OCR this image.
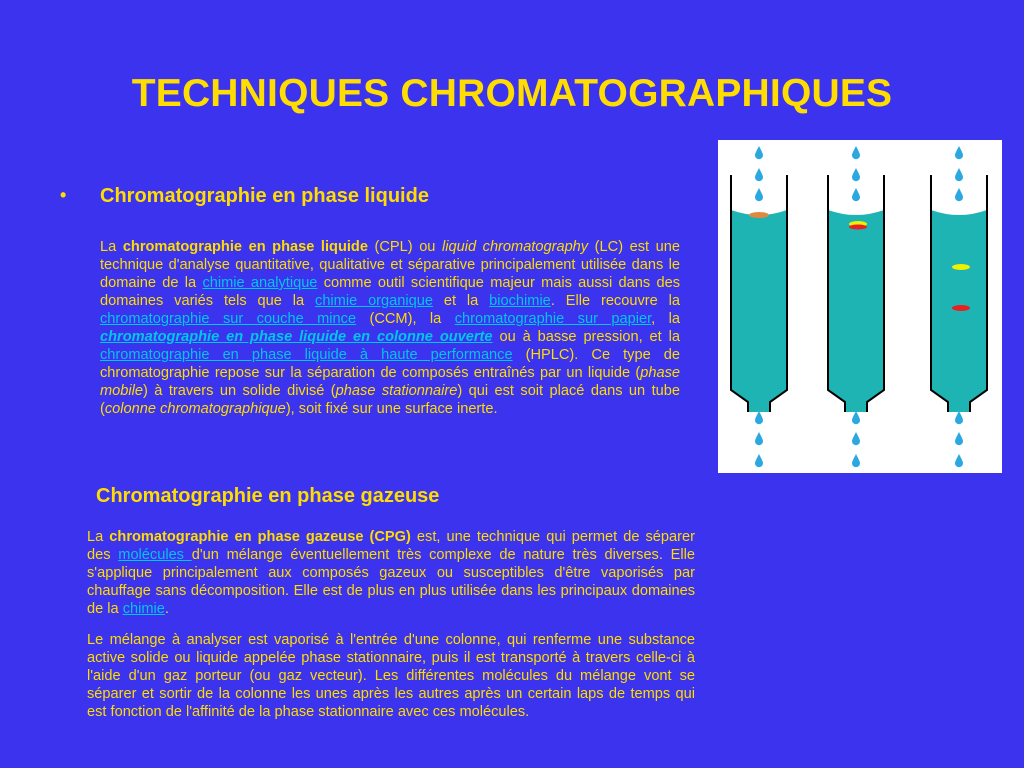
TECHNIQUES CHROMATOGRAPHIQUES
• Chromatographie en phase liquide

La chromatographie en phase liquide (CPL) ou liquid chromatography (LC) est une technique d'analyse quantitative, qualitative et séparative principalement utilisée dans le domaine de la chimie analytique comme outil scientifique majeur mais aussi dans des domaines variés tels que la chimie organique et la biochimie. Elle recouvre la chromatographie sur couche mince (CCM), la chromatographie sur papier, la chromatographie en phase liquide en colonne ouverte ou à basse pression, et la chromatographie en phase liquide à haute performance (HPLC). Ce type de chromatographie repose sur la séparation de composés entraînés par un liquide (phase mobile) à travers un solide divisé (phase stationnaire) qui est soit placé dans un tube (colonne chromatographique), soit fixé sur une surface inerte.

Chromatographie en phase gazeuse

La chromatographie en phase gazeuse (CPG) est, une technique qui permet de séparer des molécules d'un mélange éventuellement très complexe de nature très diverses. Elle s'applique principalement aux composés gazeux ou susceptibles d'être vaporisés par chauffage sans décomposition. Elle est de plus en plus utilisée dans les principaux domaines de la chimie.

Le mélange à analyser est vaporisé à l'entrée d'une colonne, qui renferme une substance active solide ou liquide appelée phase stationnaire, puis il est transporté à travers celle-ci à l'aide d'un gaz porteur (ou gaz vecteur). Les différentes molécules du mélange vont se séparer et sortir de la colonne les unes après les autres après un certain laps de temps qui est fonction de l'affinité de la phase stationnaire avec ces molécules.
